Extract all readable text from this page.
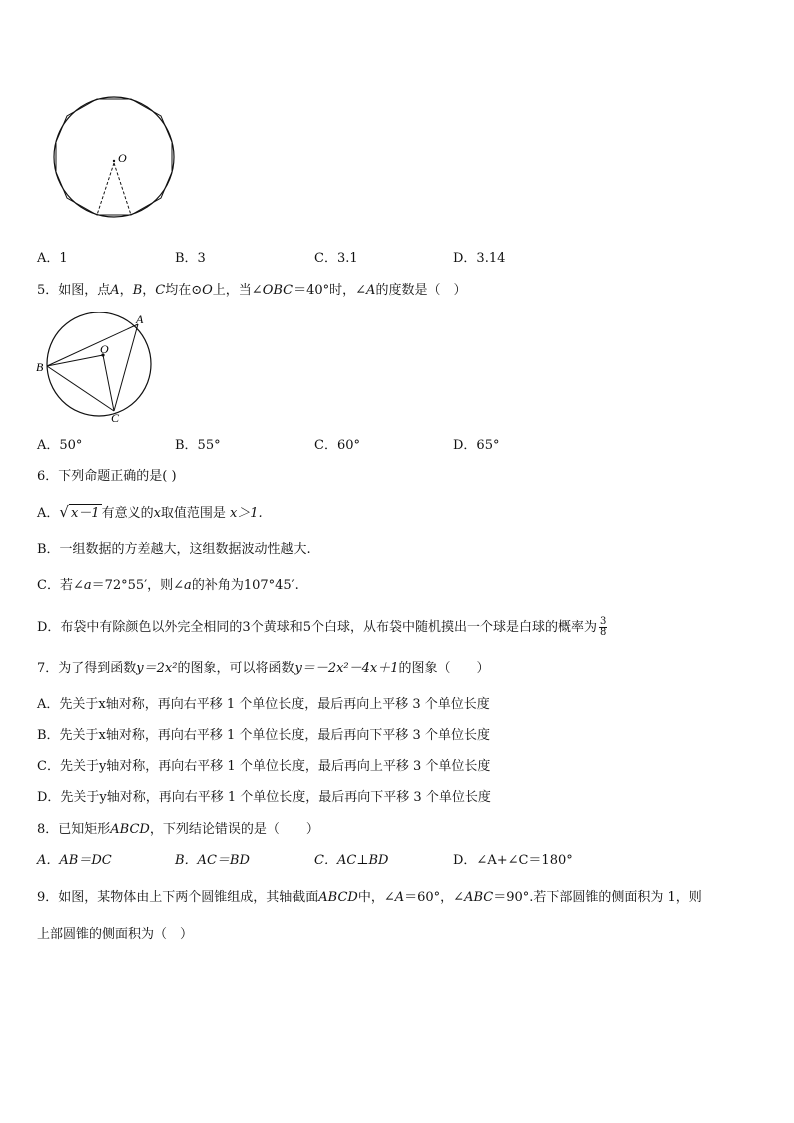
O
A．1	B．3	C．3.1	D．3.14
5．如图，点A，B，C均在⊙O上，当∠OBC＝40°时，∠A的度数是（　）
A
B
C
O
A．50°	B．55°	C．60°	D．65°
6．下列命题正确的是( )
A．√ x－1 有意义的x取值范围是 x＞1.
B．一组数据的方差越大，这组数据波动性越大.
C．若∠a＝72°55′，则∠a的补角为107°45′.
D．布袋中有除颜色以外完全相同的3个黄球和5个白球，从布袋中随机摸出一个球是白球的概率为 $\frac{3}{8}$
7．为了得到函数y＝2x²的图象，可以将函数y＝－2x²－4x＋1的图象（　　）
A．先关于x轴对称，再向右平移 1 个单位长度，最后再向上平移 3 个单位长度
B．先关于x轴对称，再向右平移 1 个单位长度，最后再向下平移 3 个单位长度
C．先关于y轴对称，再向右平移 1 个单位长度，最后再向上平移 3 个单位长度
D．先关于y轴对称，再向右平移 1 个单位长度，最后再向下平移 3 个单位长度
8．已知矩形ABCD，下列结论错误的是（　　）
A．AB＝DC	B．AC＝BD	C．AC⊥BD	D．∠A+∠C＝180°
9．如图，某物体由上下两个圆锥组成，其轴截面ABCD中，∠A＝60°，∠ABC＝90°.若下部圆锥的侧面积为 1，则
上部圆锥的侧面积为（　）
